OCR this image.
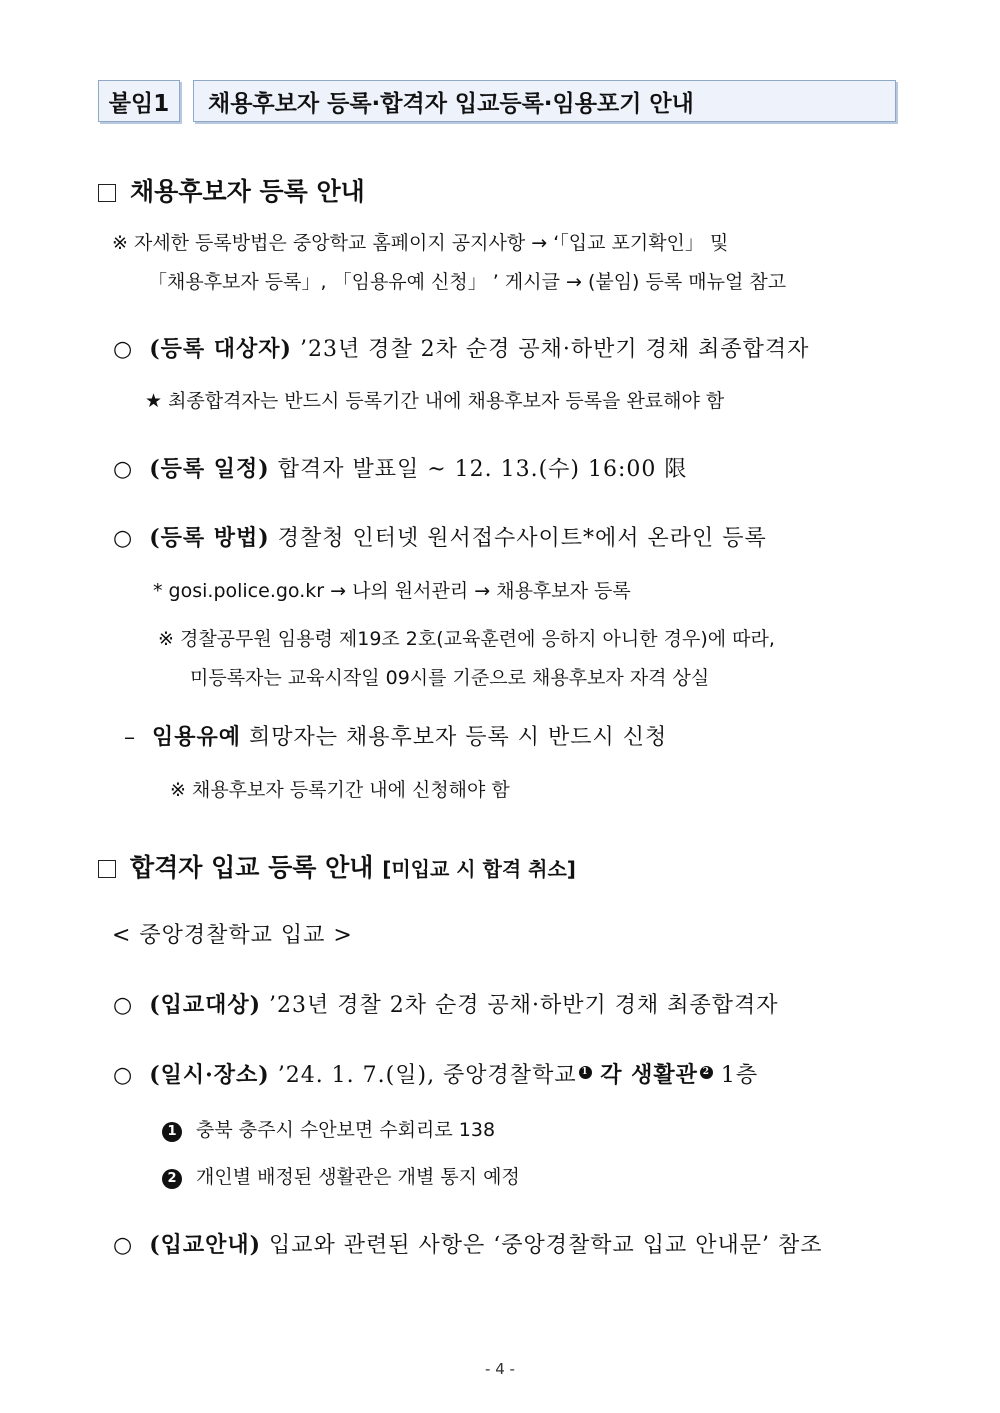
붙임1	채용후보자 등록·합격자 입교등록·임용포기 안내
채용후보자 등록 안내
※ 자세한 등록방법은 중앙학교 홈페이지 공지사항 → ‘「입교 포기확인」 및
「채용후보자 등록」, 「임용유예 신청」 ’ 게시글 → (붙임) 등록 매뉴얼 참고
○ (등록 대상자) ’23년 경찰 2차 순경 공채·하반기 경채 최종합격자
★ 최종합격자는 반드시 등록기간 내에 채용후보자 등록을 완료해야 함
○ (등록 일정) 합격자 발표일 ~ 12. 13.(수) 16:00 限
○ (등록 방법) 경찰청 인터넷 원서접수사이트*에서 온라인 등록
* gosi.police.go.kr → 나의 원서관리 → 채용후보자 등록
※ 경찰공무원 임용령 제19조 2호(교육훈련에 응하지 아니한 경우)에 따라,
미등록자는 교육시작일 09시를 기준으로 채용후보자 자격 상실
– 임용유예 희망자는 채용후보자 등록 시 반드시 신청
※ 채용후보자 등록기간 내에 신청해야 함
합격자 입교 등록 안내 [미입교 시 합격 취소]
< 중앙경찰학교 입교 >
○ (입교대상) ’23년 경찰 2차 순경 공채·하반기 경채 최종합격자
○ (일시·장소) ’24. 1. 7.(일), 중앙경찰학교 1 각 생활관 2 1층
1 충북 충주시 수안보면 수회리로 138
2 개인별 배정된 생활관은 개별 통지 예정
○ (입교안내) 입교와 관련된 사항은 ‘중앙경찰학교 입교 안내문’ 참조
- 4 -
